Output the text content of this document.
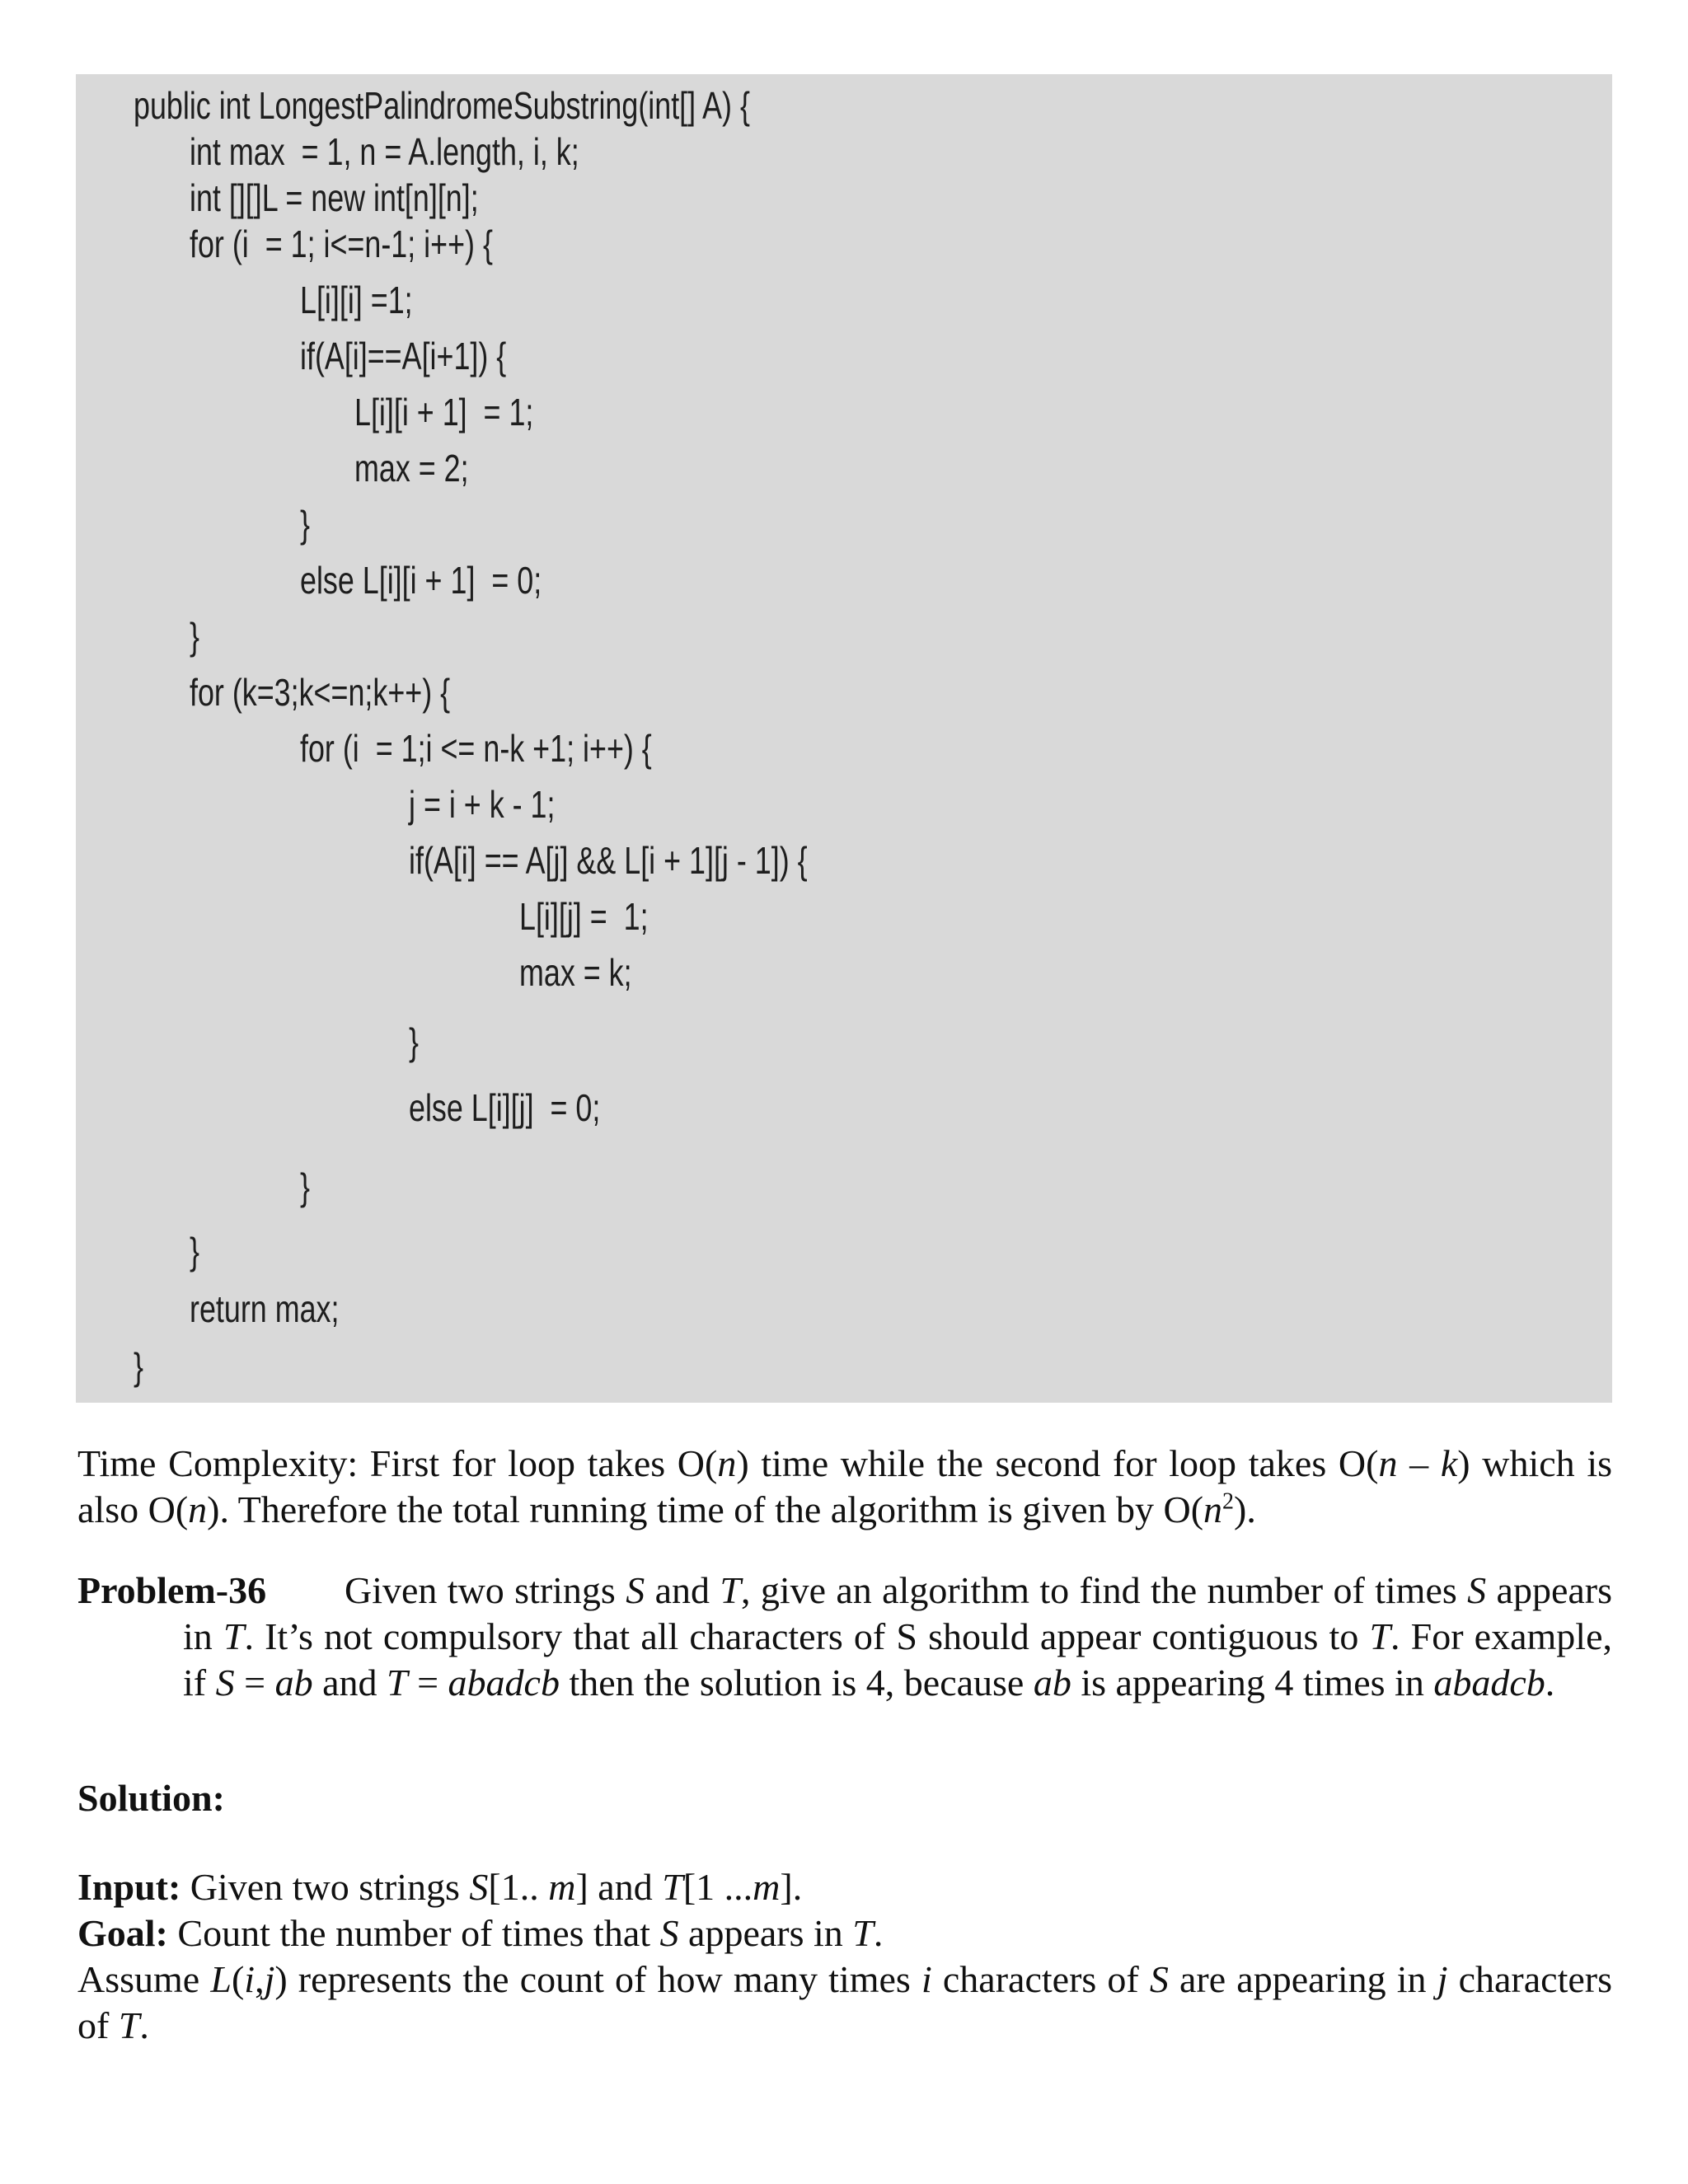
public int LongestPalindromeSubstring(int[] A) {
int max  = 1, n = A.length, i, k;
int [][]L = new int[n][n];
for (i  = 1; i<=n-1; i++) {
L[i][i] =1;
if(A[i]==A[i+1]) {
L[i][i + 1]  = 1;
max = 2;
}
else L[i][i + 1]  = 0;
}
for (k=3;k<=n;k++) {
for (i  = 1;i <= n-k +1; i++) {
j = i + k - 1;
if(A[i] == A[j] && L[i + 1][j - 1]) {
L[i][j] =  1;
max = k;
}
else L[i][j]  = 0;
}
}
return max;
}
Time Complexity: First for loop takes O(n) time while the second for loop takes O(n – k) which is also O(n). Therefore the total running time of the algorithm is given by $O(n^2)$.
Problem-36	Given two strings S and T, give an algorithm to find the number of times S appears in T. It’s not compulsory that all characters of S should appear contiguous to T. For example, if S = ab and T = abadcb then the solution is 4, because ab is appearing 4 times in abadcb.
Solution:
Input: Given two strings S[1.. m] and T[1 ...m].
Goal: Count the number of times that S appears in T.
Assume L(i,j) represents the count of how many times i characters of S are appearing in j characters of T.
